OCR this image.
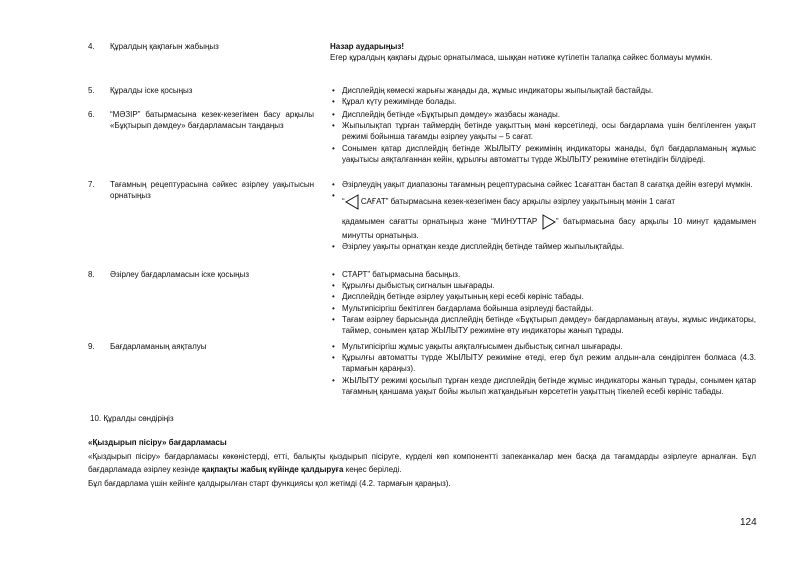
4.	Құралдың қақпағын жабыңыз	Назар аударыңыз!
Егер құралдың қақпағы дұрыс орнатылмаса, шыққан нәтиже күтілетін талапқа сәйкес болмауы мүмкін.
5.	Құралды іске қосыңыз	• Дисплейдің көмескі жарығы жаңады да, жұмыс индикаторы жыпылықтай бастайды.
• Құрал күту режимінде болады.
6.	“МӘЗІР” батырмасына кезек-кезегімен басу арқылы «Бұқтырып дәмдеу» бағдарламасын таңдаңыз
• Дисплейдің бетінде «Бұқтырып дәмдеу» жазбасы жанады.
• Жыпылықтап тұрған таймердің бетінде уақыттың мәні көрсетіледі, осы бағдарлама үшін белгіленген уақыт режимі бойынша тағамды әзірлеу уақыты – 5 сағат.
• Сонымен қатар дисплейдің бетінде ЖЫЛЫТУ режимінің индикаторы жанады, бұл бағдарламаның жұмыс уақытысы аяқталғаннан кейін, құрылғы автоматты түрде ЖЫЛЫТУ режиміне өтетіндігін білдіреді.
7.	Тағамның рецептурасына сәйкес әзірлеу уақытысын орнатыңыз
• Әзірлеудің уақыт диапазоны тағамның рецептурасына сәйкес 1сағаттан бастап 8 сағатқа дейін өзгеруі мүмкін.
• “ САҒАТ” батырмасына кезек-кезегімен басу арқылы әзірлеу уақытының мәнін 1 сағат
қадамымен сағатты орнатыңыз және “МИНУТТАР ” батырмасына басу арқылы 10 минут қадамымен минутты орнатыңыз.
• Әзірлеу уақыты орнатқан кезде дисплейдің бетінде таймер жыпылықтайды.
8.	Әзірлеу бағдарламасын іске қосыңыз	• СТАРТ” батырмасына басыңыз.
• Құрылғы дыбыстық сигналын шығарады.
• Дисплейдің бетінде әзірлеу уақытының кері есебі көрініс табады.
• Мультипісіргіш бекітілген бағдарлама бойынша әзірлеуді бастайды.
• Тағам әзірлеу барысында дисплейдің бетінде «Бұқтырып дәмдеу» бағдарламаның атауы, жұмыс индикаторы, таймер, сонымен қатар ЖЫЛЫТУ режиміне өту индикаторы жанып тұрады.
9.	Бағдарламаның аяқталуы	• Мультипісіргіш жұмыс уақыты аяқталғысымен дыбыстық сигнал шығарады.
• Құрылғы автоматты түрде ЖЫЛЫТУ режиміне өтеді, егер бұл режим алдын-ала сөндірілген болмаса (4.3. тармағын қараңыз).
• ЖЫЛЫТУ режимі қосылып тұрған кезде дисплейдің бетінде жұмыс индикаторы жанып тұрады, сонымен қатар тағамның қаншама уақыт бойы жылып жатқандығын көрсететін уақыттың тікелей есебі көрініс табады.
10. Құралды сөндіріңіз
«Қыздырып пісіру» бағдарламасы
«Қыздырып пісіру» бағдарламасы көкөністерді, етті, балықты қыздырып пісіруге, күрделі көп компонентті запеканкалар мен басқа да тағамдарды әзірлеуге арналған. Бұл бағдарламада әзірлеу кезінде қақпақты жабық күйінде қалдыруға кеңес беріледі.
Бұл бағдарлама үшін кейінге қалдырылған старт функциясы қол жетімді (4.2. тармағын қараңыз).
124
